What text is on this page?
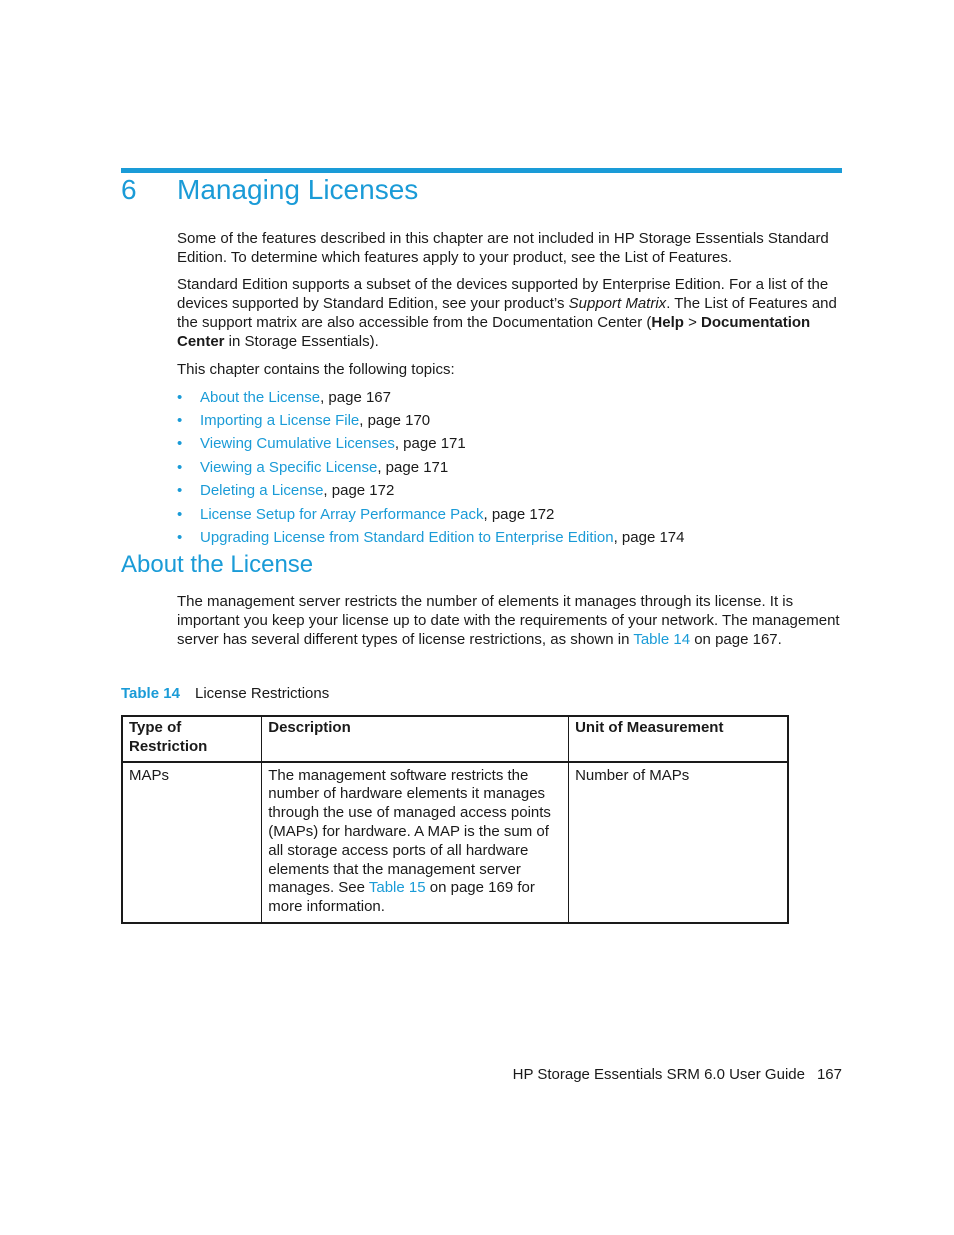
6 Managing Licenses

Some of the features described in this chapter are not included in HP Storage Essentials Standard Edition. To determine which features apply to your product, see the List of Features.

Standard Edition supports a subset of the devices supported by Enterprise Edition. For a list of the devices supported by Standard Edition, see your product’s Support Matrix. The List of Features and the support matrix are also accessible from the Documentation Center (Help > Documentation Center in Storage Essentials).

This chapter contains the following topics:

• About the License, page 167
• Importing a License File, page 170
• Viewing Cumulative Licenses, page 171
• Viewing a Specific License, page 171
• Deleting a License, page 172
• License Setup for Array Performance Pack, page 172
• Upgrading License from Standard Edition to Enterprise Edition, page 174
About the License

The management server restricts the number of elements it manages through its license. It is important you keep your license up to date with the requirements of your network. The management server has several different types of license restrictions, as shown in Table 14 on page 167.

Table 14 License Restrictions
Type of Restriction	Description	Unit of Measurement
MAPs	The management software restricts the number of hardware elements it manages through the use of managed access points (MAPs) for hardware. A MAP is the sum of all storage access ports of all hardware elements that the management server manages. See Table 15 on page 169 for more information.	Number of MAPs
HP Storage Essentials SRM 6.0 User Guide 167
